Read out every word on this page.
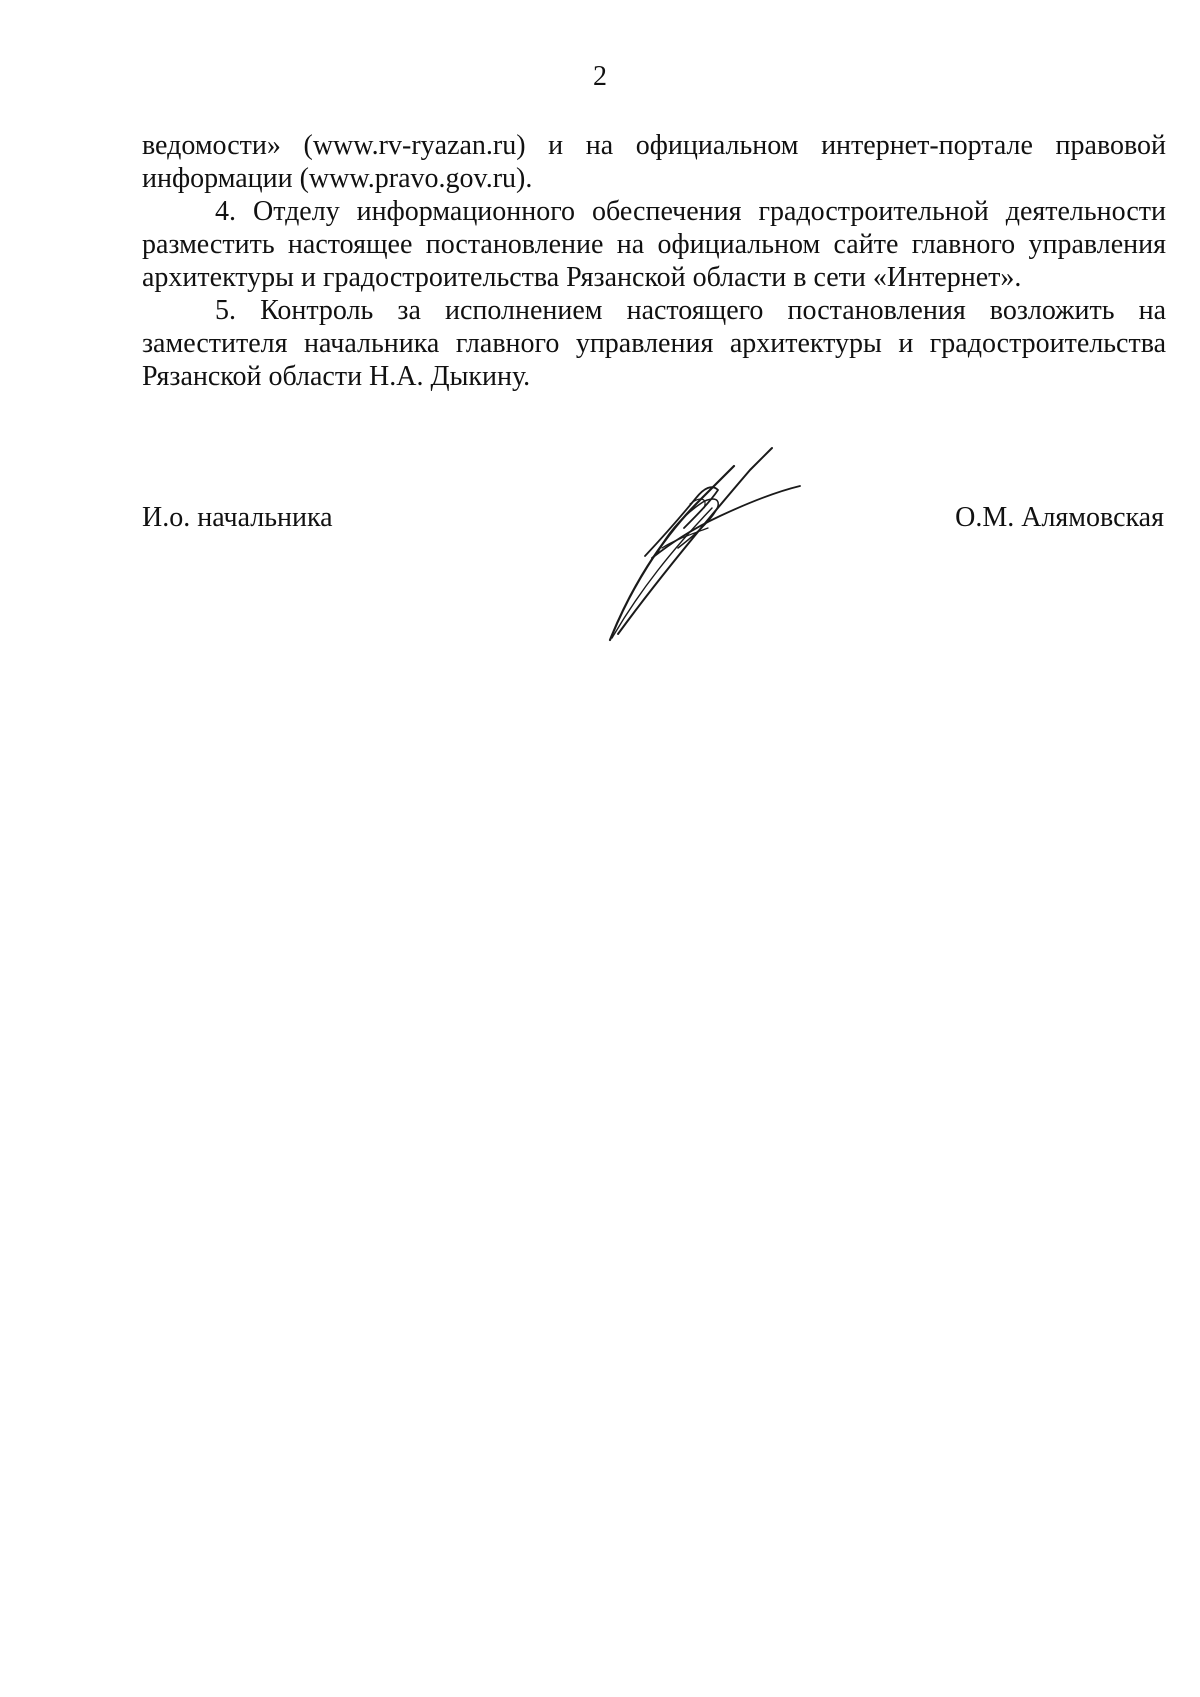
2

ведомости» (www.rv-ryazan.ru) и на официальном интернет-портале правовой информации (www.pravo.gov.ru).

4. Отделу информационного обеспечения градостроительной деятельности разместить настоящее постановление на официальном сайте главного управления архитектуры и градостроительства Рязанской области в сети «Интернет».

5. Контроль за исполнением настоящего постановления возложить на заместителя начальника главного управления архитектуры и градостроительства Рязанской области Н.А. Дыкину.

И.о. начальника	О.М. Алямовская
